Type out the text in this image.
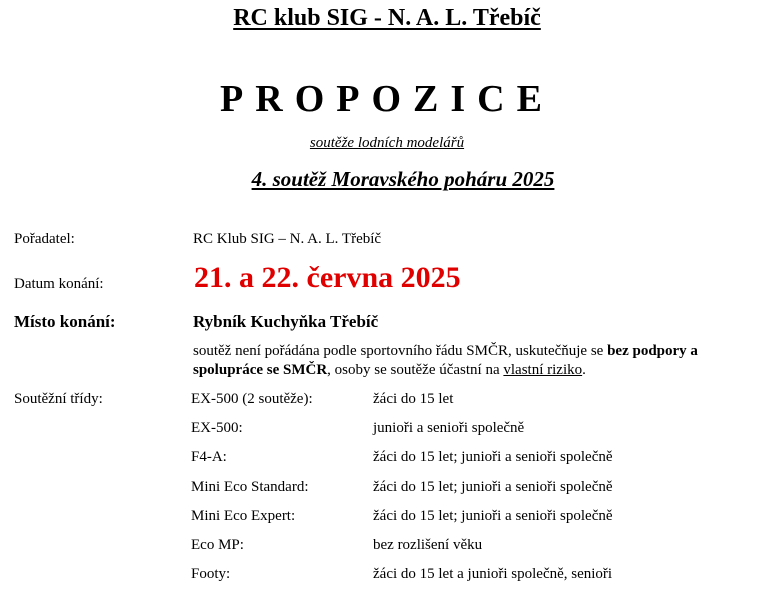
RC klub SIG - N. A. L. Třebíč
PROPOZICE
soutěže lodních modelářů
4. soutěž Moravského poháru 2025
Pořadatel:	RC Klub SIG – N. A. L. Třebíč
Datum konání:	21. a 22. června 2025
Místo konání:	Rybník Kuchyňka Třebíč
soutěž není pořádána podle sportovního řádu SMČR, uskutečňuje se bez podpory a spolupráce se SMČR, osoby se soutěže účastní na vlastní riziko.
Soutěžní třídy:	EX-500 (2 soutěže):	žáci do 15 let
EX-500:	junioři a senioři společně
F4-A:	žáci do 15 let; junioři a senioři společně
Mini Eco Standard:	žáci do 15 let; junioři a senioři společně
Mini Eco Expert:	žáci do 15 let; junioři a senioři společně
Eco MP:	bez rozlišení věku
Footy:	žáci do 15 let a junioři společně, senioři
